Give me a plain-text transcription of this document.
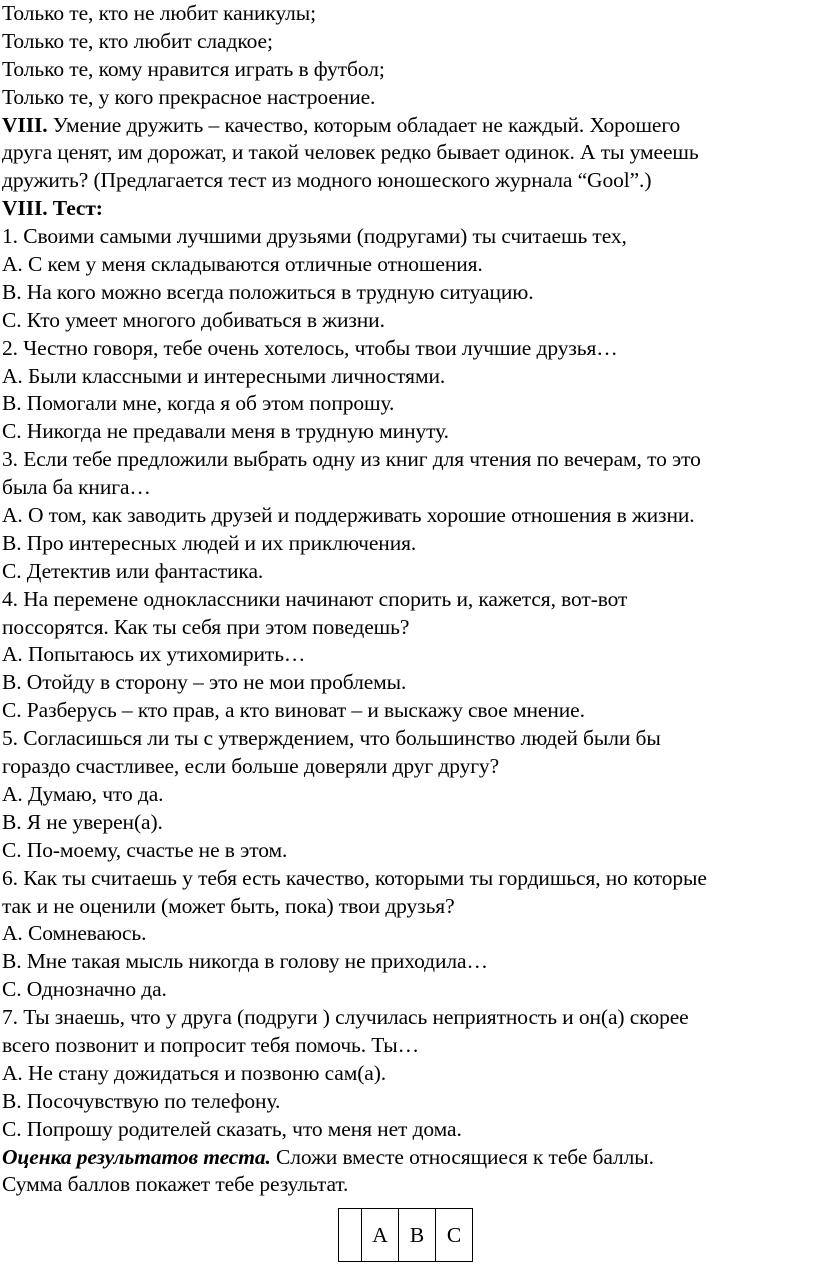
Только те, кто не любит каникулы;
Только те, кто любит сладкое;
Только те, кому нравится играть в футбол;
Только те, у кого прекрасное настроение.
VIII. Умение дружить – качество, которым обладает не каждый. Хорошего
друга ценят, им дорожат, и такой человек редко бывает одинок. А ты умеешь
дружить? (Предлагается тест из модного юношеского журнала “Gool”.)
VIII. Тест:
1. Своими самыми лучшими друзьями (подругами) ты считаешь тех,
А. С кем у меня складываются отличные отношения.
В. На кого можно всегда положиться в трудную ситуацию.
С. Кто умеет многого добиваться в жизни.
2. Честно говоря, тебе очень хотелось, чтобы твои лучшие друзья…
А. Были классными и интересными личностями.
В. Помогали мне, когда я об этом попрошу.
С. Никогда не предавали меня в трудную минуту.
3. Если тебе предложили выбрать одну из книг для чтения по вечерам, то это
была ба книга…
А. О том, как заводить друзей и поддерживать хорошие отношения в жизни.
В. Про интересных людей и их приключения.
С. Детектив или фантастика.
4. На перемене одноклассники начинают спорить и, кажется, вот-вот
поссорятся. Как ты себя при этом поведешь?
А. Попытаюсь их утихомирить…
В. Отойду в сторону – это не мои проблемы.
С. Разберусь – кто прав, а кто виноват – и выскажу свое мнение.
5. Согласишься ли ты с утверждением, что большинство людей были бы
гораздо счастливее, если больше доверяли друг другу?
А. Думаю, что да.
В. Я не уверен(а).
С. По-моему, счастье не в этом.
6. Как ты считаешь у тебя есть качество, которыми ты гордишься, но которые
так и не оценили (может быть, пока) твои друзья?
А. Сомневаюсь.
В. Мне такая мысль никогда в голову не приходила…
С. Однозначно да.
7. Ты знаешь, что у друга (подруги ) случилась неприятность и он(а) скорее
всего позвонит и попросит тебя помочь. Ты…
А. Не стану дожидаться и позвоню сам(а).
В. Посочувствую по телефону.
С. Попрошу родителей сказать, что меня нет дома.
Оценка результатов теста. Сложи вместе относящиеся к тебе баллы.
Сумма баллов покажет тебе результат.
	A	B	C
